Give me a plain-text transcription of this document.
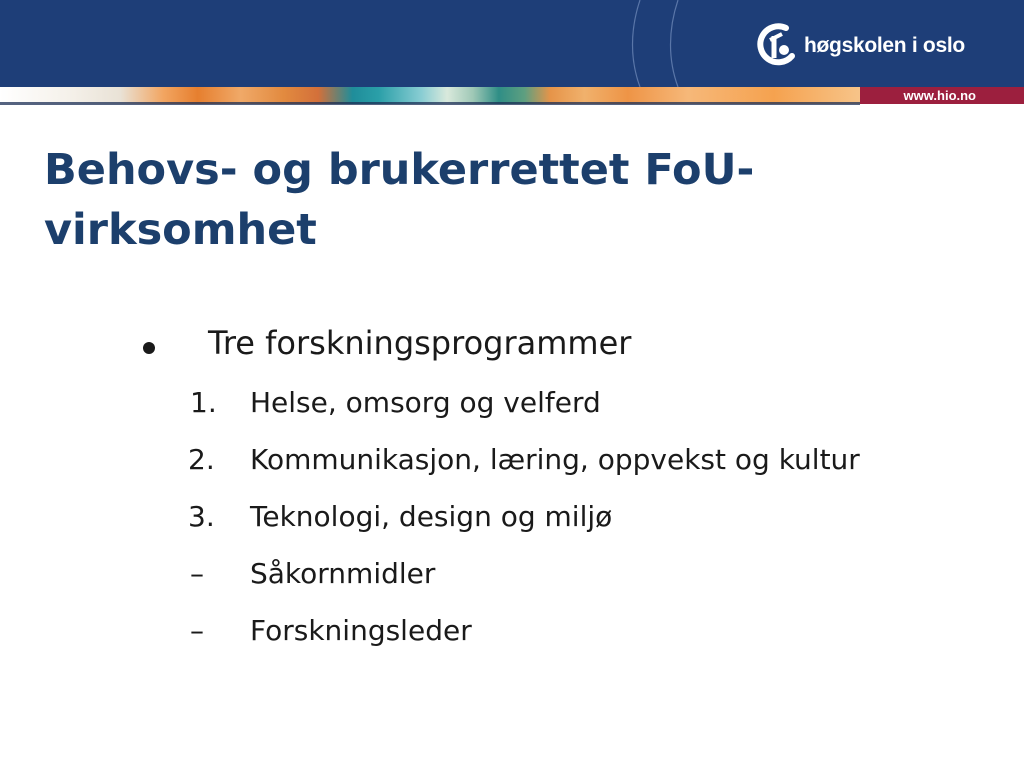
høgskolen i oslo
www.hio.no
Behovs- og brukerrettet FoU-
virksomhet
Tre forskningsprogrammer
1. Helse, omsorg og velferd
2. Kommunikasjon, læring, oppvekst og kultur
3. Teknologi, design og miljø
– Såkornmidler
– Forskningsleder
